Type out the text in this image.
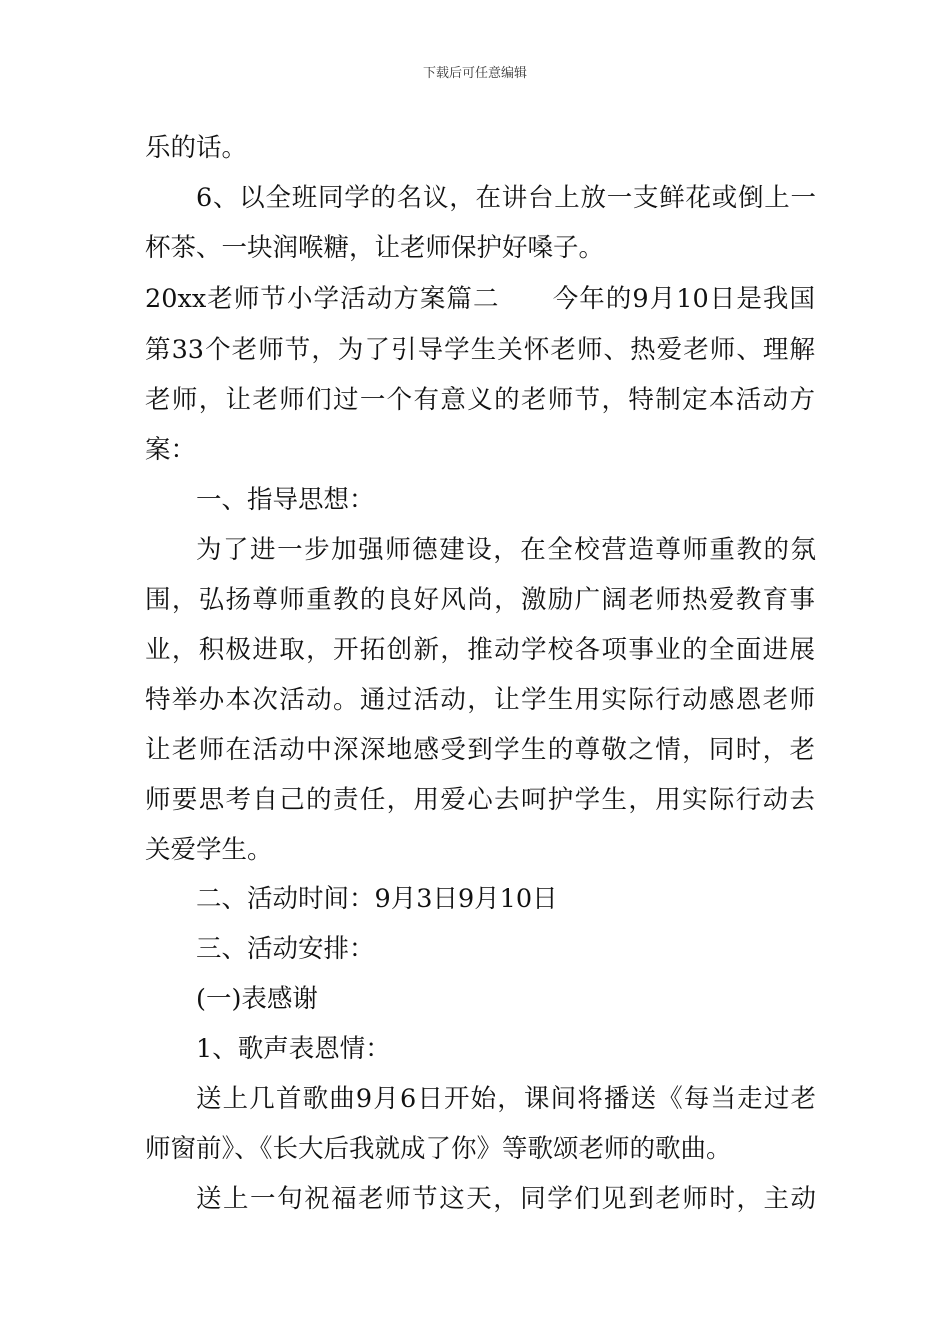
下载后可任意编辑
乐的话。
6、以全班同学的名议，在讲台上放一支鲜花或倒上一
杯茶、一块润喉糖，让老师保护好嗓子。
20xx老师节小学活动方案篇二　　今年的9月10日是我国
第33个老师节，为了引导学生关怀老师、热爱老师、理解
老师，让老师们过一个有意义的老师节，特制定本活动方
案：
一、指导思想：
为了进一步加强师德建设，在全校营造尊师重教的氛
围，弘扬尊师重教的良好风尚，激励广阔老师热爱教育事
业，积极进取，开拓创新，推动学校各项事业的全面进展
特举办本次活动。通过活动，让学生用实际行动感恩老师
让老师在活动中深深地感受到学生的尊敬之情，同时，老
师要思考自己的责任，用爱心去呵护学生，用实际行动去
关爱学生。
二、活动时间：9月3日9月10日
三、活动安排：
(一)表感谢
1、歌声表恩情：
送上几首歌曲9月6日开始，课间将播送《每当走过老
师窗前》、《长大后我就成了你》等歌颂老师的歌曲。
送上一句祝福老师节这天，同学们见到老师时，主动
